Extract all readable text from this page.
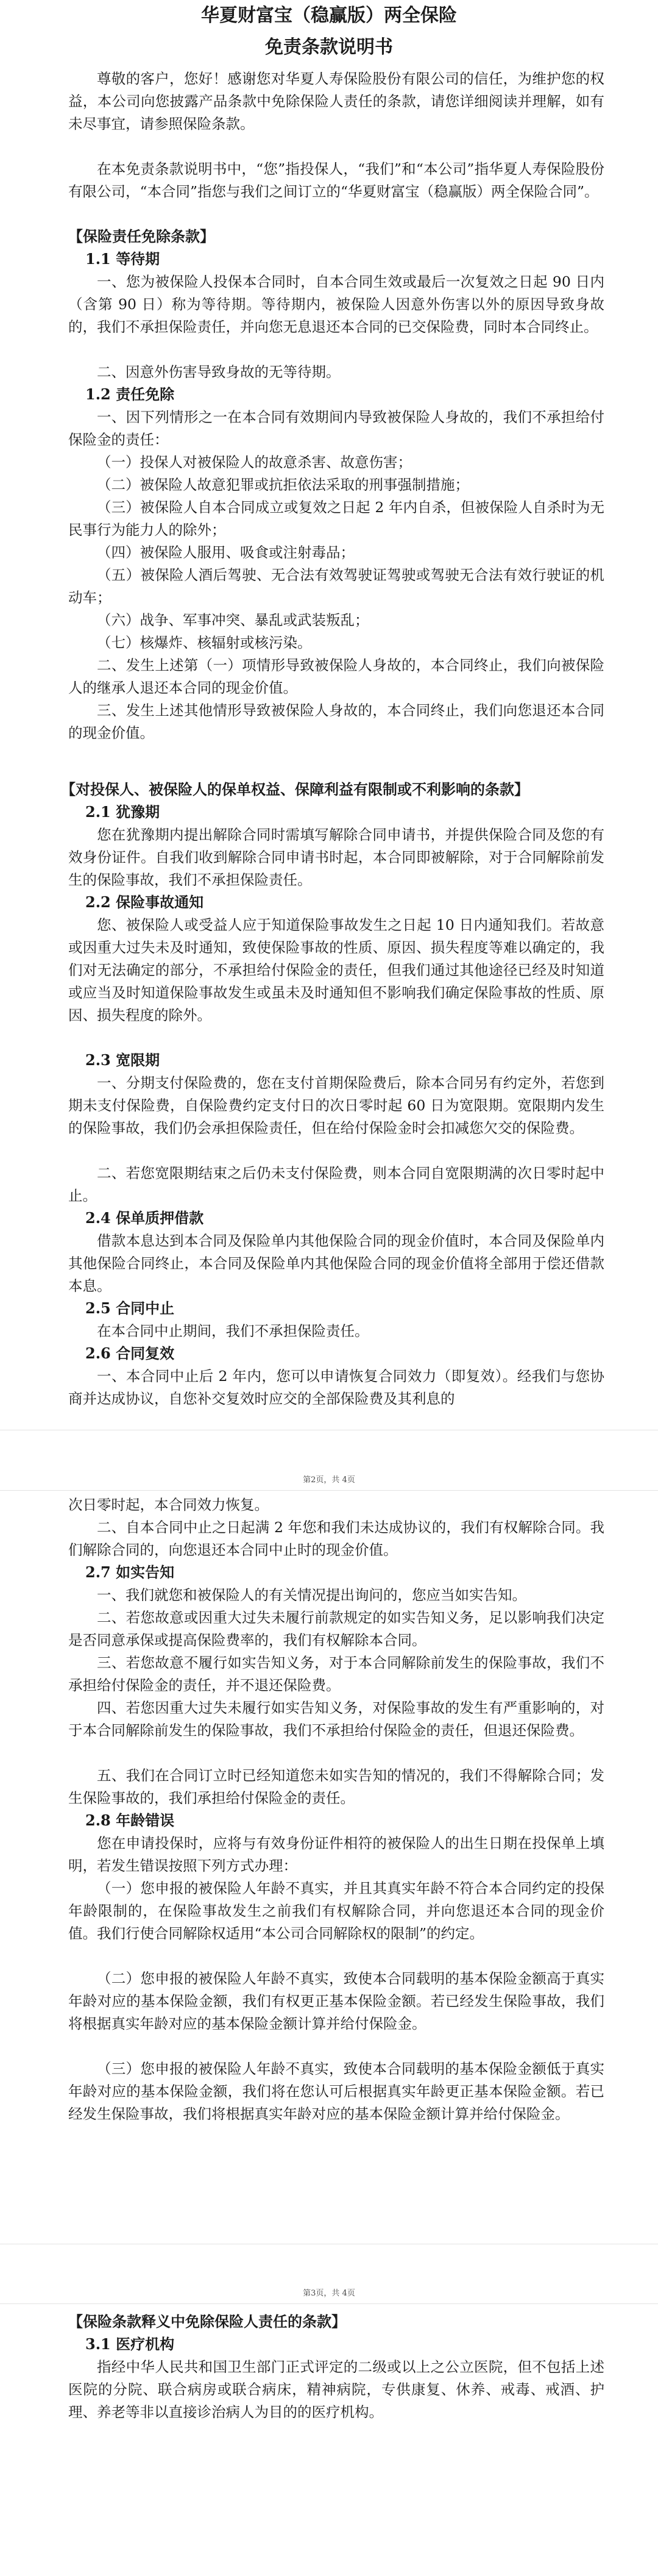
华夏财富宝（稳赢版）两全保险
免责条款说明书
尊敬的客户，您好！感谢您对华夏人寿保险股份有限公司的信任，为维护您的权益，本公司向您披露产品条款中免除保险人责任的条款，请您详细阅读并理解，如有未尽事宜，请参照保险条款。
在本免责条款说明书中，“您”指投保人，“我们”和“本公司”指华夏人寿保险股份有限公司，“本合同”指您与我们之间订立的“华夏财富宝（稳赢版）两全保险合同”。
【保险责任免除条款】
1.1 等待期
一、您为被保险人投保本合同时，自本合同生效或最后一次复效之日起 90 日内（含第 90 日）称为等待期。等待期内，被保险人因意外伤害以外的原因导致身故的，我们不承担保险责任，并向您无息退还本合同的已交保险费，同时本合同终止。
二、因意外伤害导致身故的无等待期。
1.2 责任免除
一、因下列情形之一在本合同有效期间内导致被保险人身故的，我们不承担给付保险金的责任：
（一）投保人对被保险人的故意杀害、故意伤害；
（二）被保险人故意犯罪或抗拒依法采取的刑事强制措施；
（三）被保险人自本合同成立或复效之日起 2 年内自杀，但被保险人自杀时为无民事行为能力人的除外；
（四）被保险人服用、吸食或注射毒品；
（五）被保险人酒后驾驶、无合法有效驾驶证驾驶或驾驶无合法有效行驶证的机动车；
（六）战争、军事冲突、暴乱或武装叛乱；
（七）核爆炸、核辐射或核污染。
二、发生上述第（一）项情形导致被保险人身故的，本合同终止，我们向被保险人的继承人退还本合同的现金价值。
三、发生上述其他情形导致被保险人身故的，本合同终止，我们向您退还本合同的现金价值。
【对投保人、被保险人的保单权益、保障利益有限制或不利影响的条款】
2.1 犹豫期
您在犹豫期内提出解除合同时需填写解除合同申请书，并提供保险合同及您的有效身份证件。自我们收到解除合同申请书时起，本合同即被解除，对于合同解除前发生的保险事故，我们不承担保险责任。
2.2 保险事故通知
您、被保险人或受益人应于知道保险事故发生之日起 10 日内通知我们。若故意或因重大过失未及时通知，致使保险事故的性质、原因、损失程度等难以确定的，我们对无法确定的部分，不承担给付保险金的责任，但我们通过其他途径已经及时知道或应当及时知道保险事故发生或虽未及时通知但不影响我们确定保险事故的性质、原因、损失程度的除外。
2.3 宽限期
一、分期支付保险费的，您在支付首期保险费后，除本合同另有约定外，若您到期未支付保险费，自保险费约定支付日的次日零时起 60 日为宽限期。宽限期内发生的保险事故，我们仍会承担保险责任，但在给付保险金时会扣减您欠交的保险费。
二、若您宽限期结束之后仍未支付保险费，则本合同自宽限期满的次日零时起中止。
2.4 保单质押借款
借款本息达到本合同及保险单内其他保险合同的现金价值时，本合同及保险单内其他保险合同终止，本合同及保险单内其他保险合同的现金价值将全部用于偿还借款本息。
2.5 合同中止
在本合同中止期间，我们不承担保险责任。
2.6 合同复效
一、本合同中止后 2 年内，您可以申请恢复合同效力（即复效）。经我们与您协商并达成协议，自您补交复效时应交的全部保险费及其利息的
第2页，共 4页
次日零时起，本合同效力恢复。
二、自本合同中止之日起满 2 年您和我们未达成协议的，我们有权解除合同。我们解除合同的，向您退还本合同中止时的现金价值。
2.7 如实告知
一、我们就您和被保险人的有关情况提出询问的，您应当如实告知。
二、若您故意或因重大过失未履行前款规定的如实告知义务，足以影响我们决定是否同意承保或提高保险费率的，我们有权解除本合同。
三、若您故意不履行如实告知义务，对于本合同解除前发生的保险事故，我们不承担给付保险金的责任，并不退还保险费。
四、若您因重大过失未履行如实告知义务，对保险事故的发生有严重影响的，对于本合同解除前发生的保险事故，我们不承担给付保险金的责任，但退还保险费。
五、我们在合同订立时已经知道您未如实告知的情况的，我们不得解除合同；发生保险事故的，我们承担给付保险金的责任。
2.8 年龄错误
您在申请投保时，应将与有效身份证件相符的被保险人的出生日期在投保单上填明，若发生错误按照下列方式办理：
（一）您申报的被保险人年龄不真实，并且其真实年龄不符合本合同约定的投保年龄限制的，在保险事故发生之前我们有权解除合同，并向您退还本合同的现金价值。我们行使合同解除权适用“本公司合同解除权的限制”的约定。
（二）您申报的被保险人年龄不真实，致使本合同载明的基本保险金额高于真实年龄对应的基本保险金额，我们有权更正基本保险金额。若已经发生保险事故，我们将根据真实年龄对应的基本保险金额计算并给付保险金。
（三）您申报的被保险人年龄不真实，致使本合同载明的基本保险金额低于真实年龄对应的基本保险金额，我们将在您认可后根据真实年龄更正基本保险金额。若已经发生保险事故，我们将根据真实年龄对应的基本保险金额计算并给付保险金。
第3页，共 4页
【保险条款释义中免除保险人责任的条款】
3.1 医疗机构
指经中华人民共和国卫生部门正式评定的二级或以上之公立医院，但不包括上述医院的分院、联合病房或联合病床，精神病院，专供康复、休养、戒毒、戒酒、护理、养老等非以直接诊治病人为目的的医疗机构。
